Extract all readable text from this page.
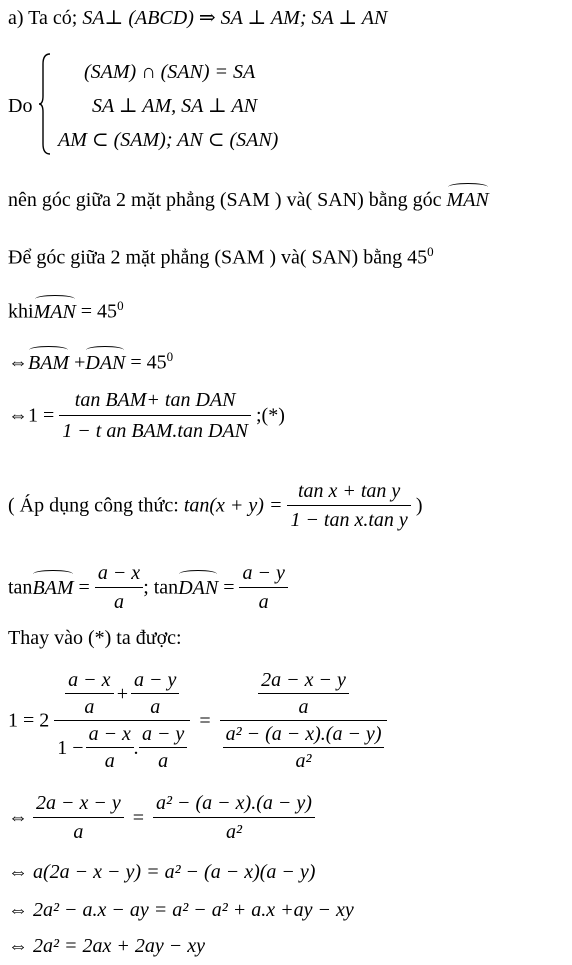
a) Ta có; SA⊥ (ABCD) ⇒ SA ⊥ AM; SA ⊥ AN
Do
(SAM) ∩ (SAN) = SA
SA ⊥ AM, SA ⊥ AN
AM ⊂ (SAM); AN ⊂ (SAN)
nên góc giữa 2 mặt phẳng (SAM ) và( SAN) bằng góc MAN
Để góc giữa 2 mặt phẳng (SAM ) và( SAN) bằng $45^0$
khiMAN = $45^0$
⇔BAM $+DAN = 45^0$
⇔1 = $\frac{\text{tan BAM+ tan DAN}}{\text{1 − t an BAM.tan DAN}}$ ;(*)
( Áp dụng công thức: $\tan(x + y) = \frac{\text{tan x + tan y}}{\text{1 − tan x.tan y}}$ )
tanBAM = $\frac{a - x}{a}$ ; tanDAN = $\frac{a - y}{a}$
Thay vào (*) ta được:
$1 = 2 \frac{\frac{a - x}{a} + \frac{a - y}{a}}{1 - \frac{a - x}{a} . \frac{a - y}{a}} = \frac{\frac{2a - x - y}{a}}{\frac{\text{a² − (a − x).(a − y)}}{\text{a²}}}$
⇔ $\frac{2a - x - y}{a} = \frac{\text{a² − (a − x).(a − y)}}{\text{a²}}$
⇔ a(2a − x − y) = a² − (a − x)(a − y)
⇔ 2a² − a.x − ay = a² − a² + a.x +ay − xy
⇔ 2a² = 2ax + 2ay − xy
